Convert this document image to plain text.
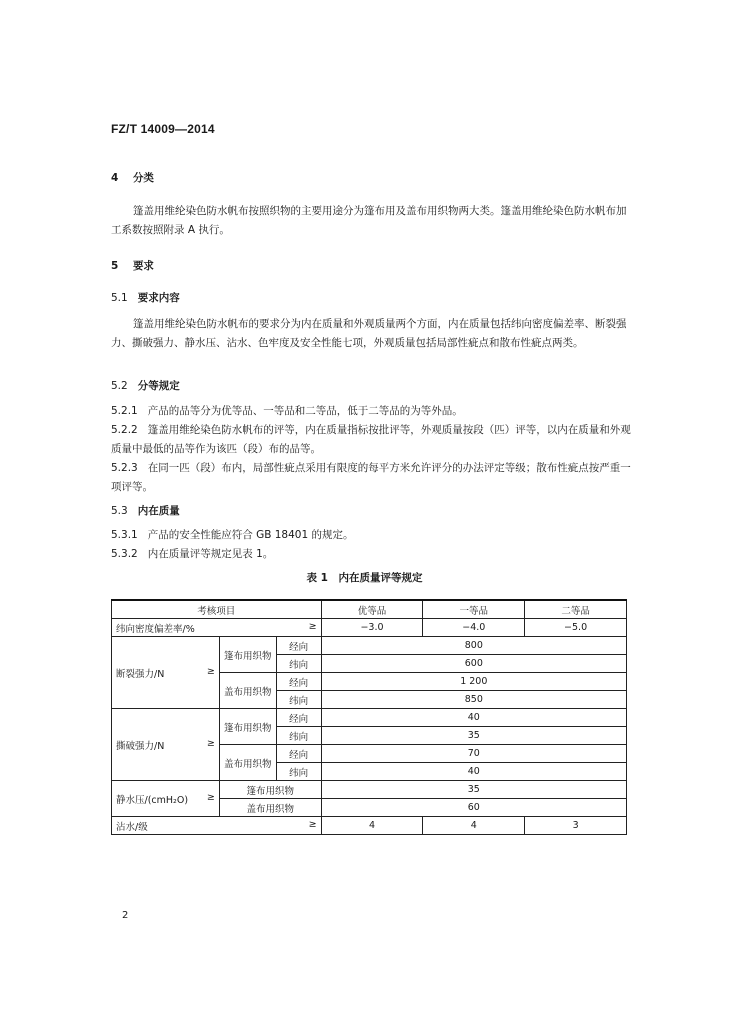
FZ/T 14009—2014
4 分类
篷盖用维纶染色防水帆布按照织物的主要用途分为篷布用及盖布用织物两大类。篷盖用维纶染色防水帆布加工系数按照附录 A 执行。
5 要求
5.1 要求内容
篷盖用维纶染色防水帆布的要求分为内在质量和外观质量两个方面，内在质量包括纬向密度偏差率、断裂强力、撕破强力、静水压、沾水、色牢度及安全性能七项，外观质量包括局部性疵点和散布性疵点两类。
5.2 分等规定
5.2.1 产品的品等分为优等品、一等品和二等品，低于二等品的为等外品。
5.2.2 篷盖用维纶染色防水帆布的评等，内在质量指标按批评等，外观质量按段（匹）评等，以内在质量和外观质量中最低的品等作为该匹（段）布的品等。
5.2.3 在同一匹（段）布内，局部性疵点采用有限度的每平方米允许评分的办法评定等级；散布性疵点按严重一项评等。
5.3 内在质量
5.3.1 产品的安全性能应符合 GB 18401 的规定。
5.3.2 内在质量评等规定见表 1。
表 1　内在质量评等规定
考核项目			优等品	一等品	二等品
纬向密度偏差率/% ≥			−3.0	−4.0	−5.0
断裂强力/N ≥	篷布用织物	经向	800		
		纬向	600		
	盖布用织物	经向	1 200		
		纬向	850		
撕破强力/N ≥	篷布用织物	经向	40		
		纬向	35		
	盖布用织物	经向	70		
		纬向	40		
静水压/(cmH₂O) ≥	篷布用织物		35		
	盖布用织物		60		
沾水/级 ≥			4	4	3
2
